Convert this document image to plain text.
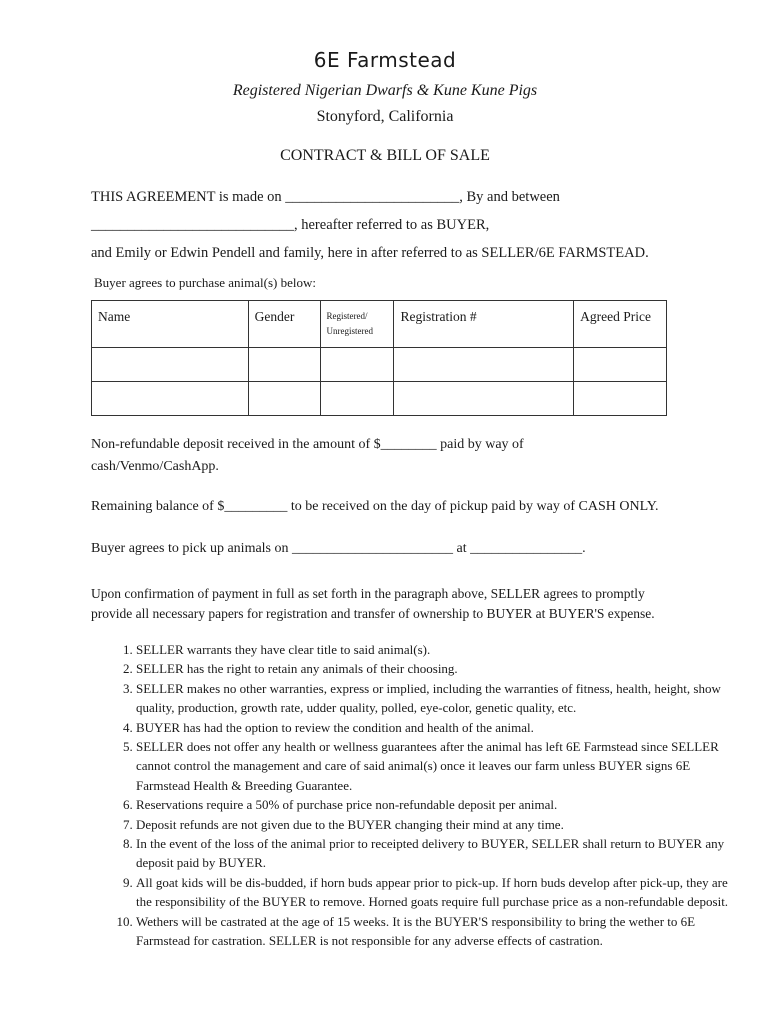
6E Farmstead
Registered Nigerian Dwarfs & Kune Kune Pigs
Stonyford, California
CONTRACT & BILL OF SALE
THIS AGREEMENT is made on ________________________, By and between
____________________________, hereafter referred to as BUYER,
and Emily or Edwin Pendell and family, here in after referred to as SELLER/6E FARMSTEAD.
Buyer agrees to purchase animal(s) below:
Name	Gender	Registered/ Unregistered	Registration #	Agreed Price

Non-refundable deposit received in the amount of $________ paid by way of cash/Venmo/CashApp.
Remaining balance of $_________ to be received on the day of pickup paid by way of CASH ONLY.
Buyer agrees to pick up animals on _______________________ at ________________.
Upon confirmation of payment in full as set forth in the paragraph above, SELLER agrees to promptly provide all necessary papers for registration and transfer of ownership to BUYER at BUYER'S expense.
1. SELLER warrants they have clear title to said animal(s).
2. SELLER has the right to retain any animals of their choosing.
3. SELLER makes no other warranties, express or implied, including the warranties of fitness, health, height, show quality, production, growth rate, udder quality, polled, eye-color, genetic quality, etc.
4. BUYER has had the option to review the condition and health of the animal.
5. SELLER does not offer any health or wellness guarantees after the animal has left 6E Farmstead since SELLER cannot control the management and care of said animal(s) once it leaves our farm unless BUYER signs 6E Farmstead Health & Breeding Guarantee.
6. Reservations require a 50% of purchase price non-refundable deposit per animal.
7. Deposit refunds are not given due to the BUYER changing their mind at any time.
8. In the event of the loss of the animal prior to receipted delivery to BUYER, SELLER shall return to BUYER any deposit paid by BUYER.
9. All goat kids will be dis-budded, if horn buds appear prior to pick-up. If horn buds develop after pick-up, they are the responsibility of the BUYER to remove. Horned goats require full purchase price as a non-refundable deposit.
10. Wethers will be castrated at the age of 15 weeks. It is the BUYER'S responsibility to bring the wether to 6E Farmstead for castration. SELLER is not responsible for any adverse effects of castration.
